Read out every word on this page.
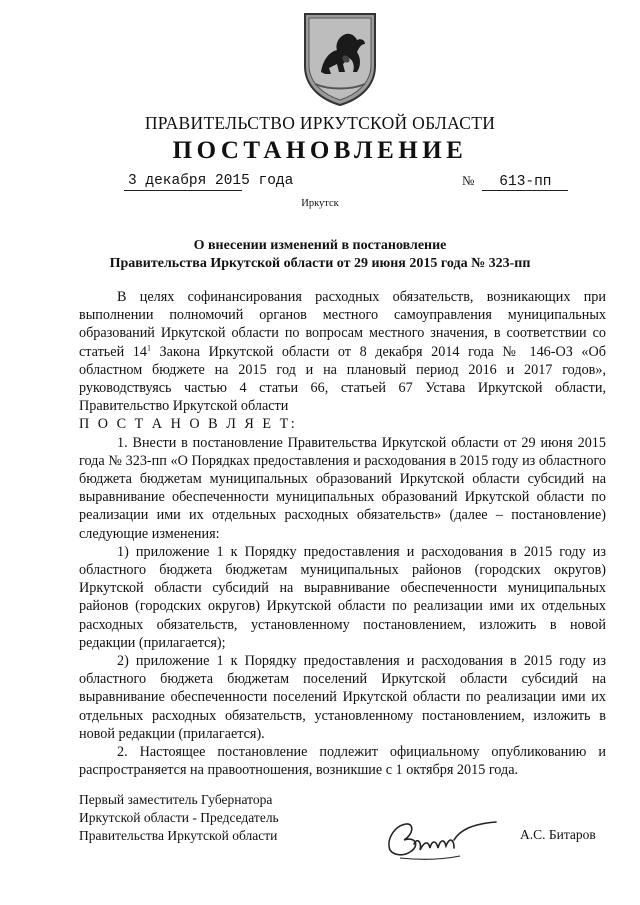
ПРАВИТЕЛЬСТВО ИРКУТСКОЙ ОБЛАСТИ
ПОСТАНОВЛЕНИЕ
3 декабря 2015 года	№ 613-пп
Иркутск
О внесении изменений в постановление
Правительства Иркутской области от 29 июня 2015 года № 323-пп

В целях софинансирования расходных обязательств, возникающих при выполнении полномочий органов местного самоуправления муниципальных образований Иркутской области по вопросам местного значения, в соответствии со статьей $14^1$ Закона Иркутской области от 8 декабря 2014 года № 146-ОЗ «Об областном бюджете на 2015 год и на плановый период 2016 и 2017 годов», руководствуясь частью 4 статьи 66, статьей 67 Устава Иркутской области, Правительство Иркутской области

П О С Т А Н О В Л Я Е Т:

1. Внести в постановление Правительства Иркутской области от 29 июня 2015 года № 323-пп «О Порядках предоставления и расходования в 2015 году из областного бюджета бюджетам муниципальных образований Иркутской области субсидий на выравнивание обеспеченности муниципальных образований Иркутской области по реализации ими их отдельных расходных обязательств» (далее – постановление) следующие изменения:

1) приложение 1 к Порядку предоставления и расходования в 2015 году из областного бюджета бюджетам муниципальных районов (городских округов) Иркутской области субсидий на выравнивание обеспеченности муниципальных районов (городских округов) Иркутской области по реализации ими их отдельных расходных обязательств, установленному постановлением, изложить в новой редакции (прилагается);

2) приложение 1 к Порядку предоставления и расходования в 2015 году из областного бюджета бюджетам поселений Иркутской области субсидий на выравнивание обеспеченности поселений Иркутской области по реализации ими их отдельных расходных обязательств, установленному постановлением, изложить в новой редакции (прилагается).

2. Настоящее постановление подлежит официальному опубликованию и распространяется на правоотношения, возникшие с 1 октября 2015 года.

Первый заместитель Губернатора
Иркутской области - Председатель
Правительства Иркутской области	А.С. Битаров
